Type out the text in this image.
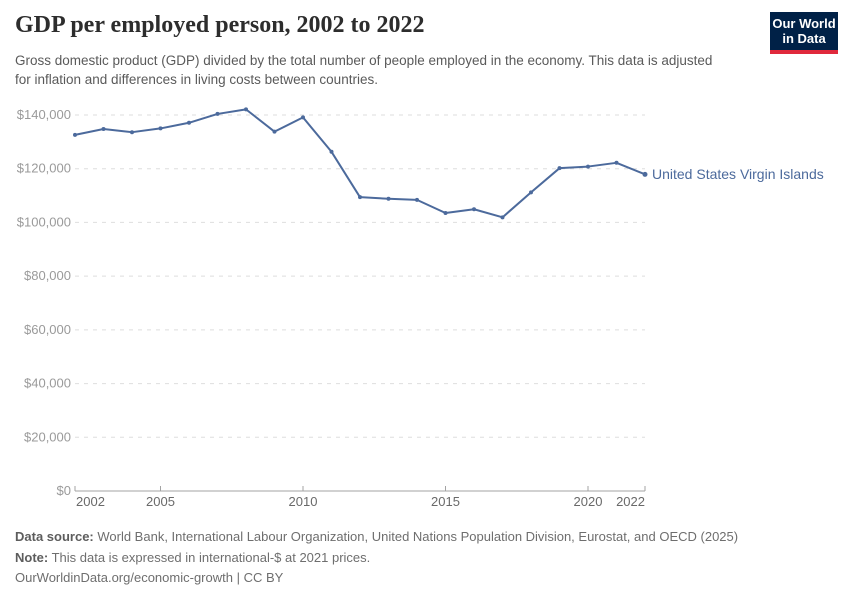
GDP per employed person, 2002 to 2022

Gross domestic product (GDP) divided by the total number of people employed in the economy. This data is adjusted for inflation and differences in living costs between countries.

Our World
in Data
$0
$20,000
$40,000
$60,000
$80,000
$100,000
$120,000
$140,000
2002	2005	2010	2015	2020 2022
United States Virgin Islands

Data source: World Bank, International Labour Organization, United Nations Population Division, Eurostat, and OECD (2025)

Note: This data is expressed in international-$ at 2021 prices.

OurWorldinData.org/economic-growth | CC BY
